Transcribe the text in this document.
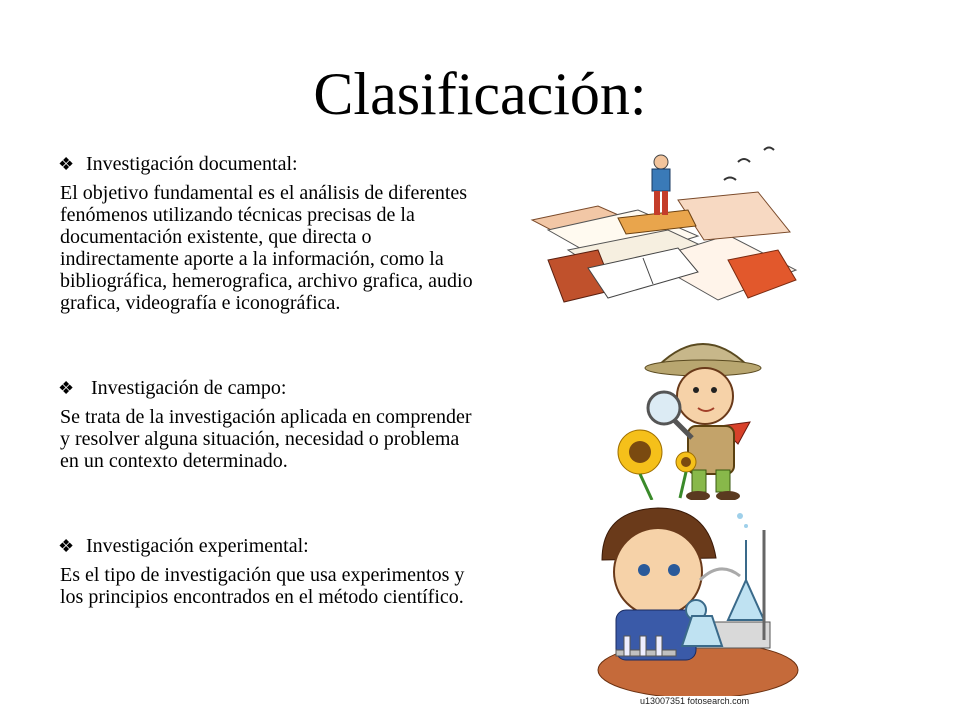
Clasificación:
❖ Investigación documental:
El objetivo fundamental es el análisis de diferentes fenómenos utilizando técnicas precisas de la documentación existente, que directa o indirectamente aporte a la información, como la bibliográfica, hemerografica, archivo grafica, audio grafica, videografía e iconográfica.
❖ Investigación de campo:
Se trata de la investigación aplicada en comprender y resolver alguna situación, necesidad o problema en un contexto determinado.
❖ Investigación experimental:
Es el tipo de investigación que usa experimentos y los principios encontrados en el método científico.
u13007351 fotosearch.com
